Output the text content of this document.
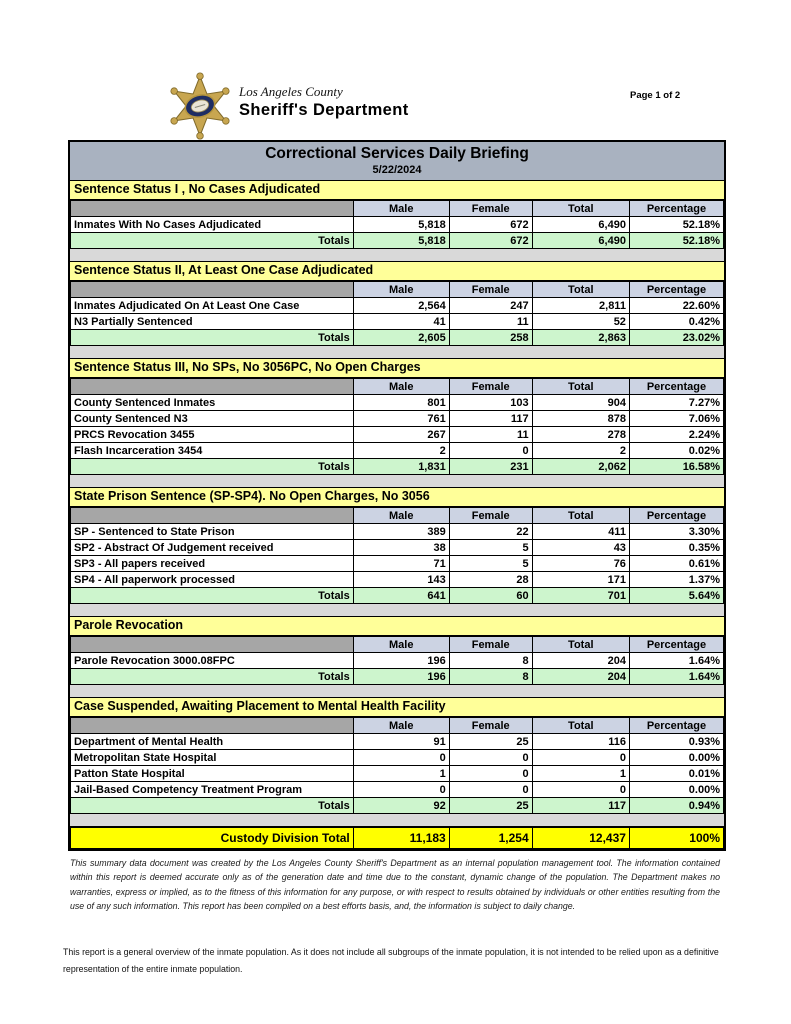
Los Angeles County
Sheriff's Department
Page 1 of 2
Correctional Services Daily Briefing
5/22/2024
Sentence Status I , No Cases Adjudicated
	Male	Female	Total	Percentage
Inmates With No Cases Adjudicated	5,818	672	6,490	52.18%
Totals	5,818	672	6,490	52.18%
Sentence Status II, At Least One Case Adjudicated
	Male	Female	Total	Percentage
Inmates Adjudicated On At Least One Case	2,564	247	2,811	22.60%
N3 Partially Sentenced	41	11	52	0.42%
Totals	2,605	258	2,863	23.02%
Sentence Status III, No SPs, No 3056PC, No Open Charges
	Male	Female	Total	Percentage
County Sentenced Inmates	801	103	904	7.27%
County Sentenced N3	761	117	878	7.06%
PRCS Revocation 3455	267	11	278	2.24%
Flash Incarceration 3454	2	0	2	0.02%
Totals	1,831	231	2,062	16.58%
State Prison Sentence (SP-SP4). No Open Charges, No 3056
	Male	Female	Total	Percentage
SP - Sentenced to State Prison	389	22	411	3.30%
SP2 - Abstract Of Judgement received	38	5	43	0.35%
SP3 - All papers received	71	5	76	0.61%
SP4 - All paperwork processed	143	28	171	1.37%
Totals	641	60	701	5.64%
Parole Revocation
	Male	Female	Total	Percentage
Parole Revocation 3000.08FPC	196	8	204	1.64%
Totals	196	8	204	1.64%
Case Suspended, Awaiting Placement to Mental Health Facility
	Male	Female	Total	Percentage
Department of Mental Health	91	25	116	0.93%
Metropolitan State Hospital	0	0	0	0.00%
Patton State Hospital	1	0	1	0.01%
Jail-Based Competency Treatment Program	0	0	0	0.00%
Totals	92	25	117	0.94%
Custody Division Total	11,183	1,254	12,437	100%
This summary data document was created by the Los Angeles County Sheriff's Department as an internal population management tool. The information contained within this report is deemed accurate only as of the generation date and time due to the constant, dynamic change of the population. The Department makes no warranties, express or implied, as to the fitness of this information for any purpose, or with respect to results obtained by individuals or other entities resulting from the use of any such information. This report has been compiled on a best efforts basis, and, the information is subject to daily change.
This report is a general overview of the inmate population. As it does not include all subgroups of the inmate population, it is not intended to be relied upon as a definitive representation of the entire inmate population.
